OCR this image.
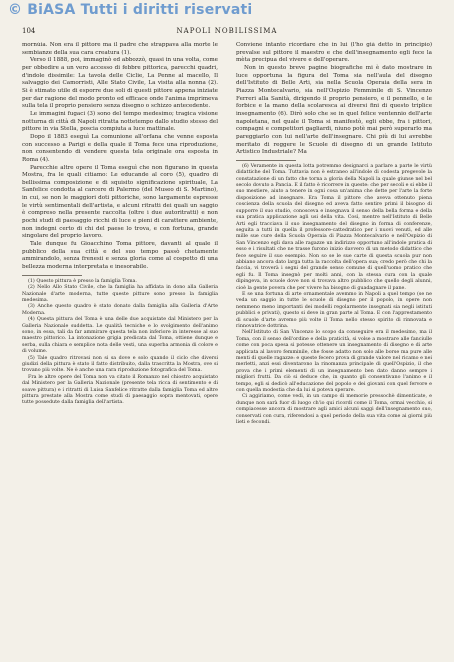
© BiASA Tutti i diritti riservati
104	NAPOLI NOBILISSIMA

mornùia. Non era il pittore ma il padre che strappava alla morte le sembianze della sua cara creatura (1).

Verso il 1888, poi, immaginò ed abbozzò, quasi in una volta, come per obbedire a un vero accesso di febbre pittorica, parecchi quadri, d'indole dissimile: La tavola delle Ciclie, La Penne al macello, Il salvaggio dei Camorristi, Alle Stato Civile, La visita alla nonna (2). Si è stimato utile di esporre due soli di questi pittore appena iniziate per dar ragione del modo pronto ed efficace onde l'anima imprimeva sulla tela il proprio pensiero senza disegno o schizzo antecedente.

Le immagini fugaci (3) sono del tempo medesimo; tragica visione notturna di città di Napoli ritratta nottetempo dallo studio stesso del pittore in via Stella, poscia compiuta a luce mattinale.

Dopo il 1883 eseguì La comunione all'orfana che venne esposta con successo a Parigi e della quale il Toma fece una riproduzione, non consentendo di vendere questa tela originale ora esposta in Roma (4).

Parecchie altre opere il Toma eseguì che non figurano in questa Mostra, fra le quali citiamo: Le educande al coro (5), quadro di bellissima composizione e di squisito significazione spirituale, La Sanfelice condotta al carcere di Palermo (del Museo di S. Martino), in cui, se non le maggiori doti pittoriche, sono largamente espresse le virtù sentimentali dell'artista, e alcuni ritratti dei quali un saggio è compreso nella presente raccolta (oltre i due autoritratti) e non pochi studi di paesaggio ricchi di luce e pieni di carattere ambiente, non indegni certo di chi del paese lo trova, e con fortuna, grande singolare del proprio lavoro.

Tale dunque fu Gioacchino Toma pittore, davanti al quale il pubblico della sua città e del suo tempo passò chetamente ammirandolo, senza frenesii e senza gloria come al cospetto di una bellezza moderna interpretata e inesorabile.

(1) Questo pittura è presso la famiglia Toma.

(2) Nello Allo Stato Civile, che la famiglia ha affidata in dono alla Galleria Nazionale d'arte moderna, tutte queste pitture sono presso la famiglia medesima.

(3) Anche questo quadro è stato donato dalla famiglia alla Galleria d'Arte Moderna.

(4) Questa pittura del Toma è una delle due acquistate dal Ministero per la Galleria Nazionale suddetta. Le qualità tecniche e lo svolgimento dell'animo sono, in essa, tali da far ammirare questa tela non inferiore in interesse al suo maestro pittorico. La intonazione grigia predicata dal Toma, ottiene dunque e serba, sulla chiara e semplice nota delle vesti, una superba armonia di colore e di volume.

(5) Tale quadro ritrovasi non si sa dove e solo quando il ciclo che diversi giudizi della pittura è stato il fatto distribuito, dalla trascritta la Mostra, ove si trovano più volte. Ne è anche una rara riproduzione fotografica del Toma.

Fra le altre opere del Toma non va citato il Romanzo nel chiostro acquistato dal Ministero per la Galleria Nazionale (presente tela ricca di sentimento e di soave pittura) e i ritratti di Luisa Sanfelice ritratte dalla famiglia Toma ed altre pittura prestate alla Mostra come studi di paesaggio sopra mentovati, opere tutte possedute dalla famiglia dell'artista.

Conviene intanto ricordare che in lui (l'ho già detto in principio) prevalse sul pittore il maestro e che dell'insegnamento egli fece la mèta precipua del vivere e dell'operare.

Non in questo breve pagine biografiche mi è dato mostrare in luce opportuna la figura del Toma sia nell'aula del disegno dell'Istituto di Belle Arti, sia nella Scuola Operaia della sera in Piazza Montecalvario, sia nell'Ospizio Femminile di S. Vincenzo Ferreri alla Sanità, dirigendo il proprio pensiero, e il pennello, e le forbice e la mano della scolaresca ai diversi fini di questo triplice insegnamento (6). Dirò solo che se in quel felice ventennio dell'arte napoletana, nel quale il Toma si manifestò, egli ebbe, fra i pittori, compagni e competitori gagliardi, niuno potè mai però superarlo ma pareggiarlo con lui nell'arte dell'insegnare. Chi più di lui avrebbe meritato di reggere le Scuole di disegno di un grande Istituto Artistico Industriale? Ma

(6) Veramente in questa lotta potremmo designarci a parlare a parte le virtù didattiche del Toma. Tuttavia non è estraneo all'indole di codesta pregevole la constatazione di un fatto che torna a gloria della Napoli la quale giunse nel bel secolo dovuto a Pancia. E il fatto è ricorrere in queste: che per secoli e si ebbe il suo mestiere, aiuto a tenere in ogni cosa un'anima che dette per l'arte la forte disposizione ad insegnare. Era Toma il pittore che aveva ottenuto piena coscienza della scuola del disegno ed aveva fatto sentire primi il bisogno di supporre il suo studio, conosceva e insegnava il senso della bella forma e della sua pratica applicazione agli usi della vita. Così, mentre nell'Istituto di Belle Arti egli tracciava il suo insegnamento del disegno in forma di conferenze, seguita a tutti in quella il professore-cattedratico per i nuovi venuti, ed alle mille sue cure della Scuola Operaia di Piazza Montecalvario e nell'Ospizio di San Vincenzo egli dava alle ragazze un indirizzo opportuno all'indole pratica di esso e i risultati che ne trasse furono inizio davvero di un metodo didattico che fece seguire il suo esempio. Non so se le sue carte di questa scuola pur non abbiano ancora dato larga tutta la raccolta dell'opera sua; credo però che chi la faccia, vi troverà i segni del grande senso comune di quell'uomo pratico che egli fu. Il Toma insegnò per molti anni, con la stessa cura con la quale dipingeva, in scuole dove non si trovava altro pubblico che quello degli alunni, cioè la gente povera che per vivere ha bisogno di guadagnare il pane.

E se una fortuna di arte ornamentale avemmo in Napoli a quel tempo (se ne veda un saggio in tutte le scuole di disegno per il popolo, in opere non nemmeno meno importanti dei modelli regolarmente insegnati sia negli istituti pubblici e privati), questo si deve in gran parte al Toma. E con l'apprestamento di scuole d'arte avremo più volte il Toma nello stesso spirito di rinnovata e rinnovatrice dottrina.

Nell'Istituto di San Vincenzo lo scopo da conseguire era il medesimo, ma il Toma, con il senso dell'ordine e della praticità, si volse a mostrare alle fanciulle come con poca spesa si potesse ottenere un insegnamento di disegno e di arte applicata al lavoro femminile, che fosse adatto non solo alle borse ma pure alle menti di quelle ragazze: e queste fecero prova di grande valore nel ricamo e nei merletti, anzi essi diventarono la rinomanza principale di quell'Ospizio, il che prova che i primi elementi di un insegnamento ben dato danno sempre i migliori frutti. Da ciò si deduce che, in quanto gli consentivano l'animo e il tempo, egli si dedicò all'educazione del popolo e dei giovani con quel fervore e con quella modestia che da lui si poteva sperare.

Ci aggiriamo, come vedi, in un campo di memorie pressochè dimenticate, e dunque non sarà fuor di luogo ch'io qui ricordi come il Toma, ormai vecchio, si compiacesse ancora di mostrare agli amici alcuni saggi dell'insegnamento suo, conservati con cura, riferendosi a quel periodo della sua vita come ai giorni più lieti e fecondi.
